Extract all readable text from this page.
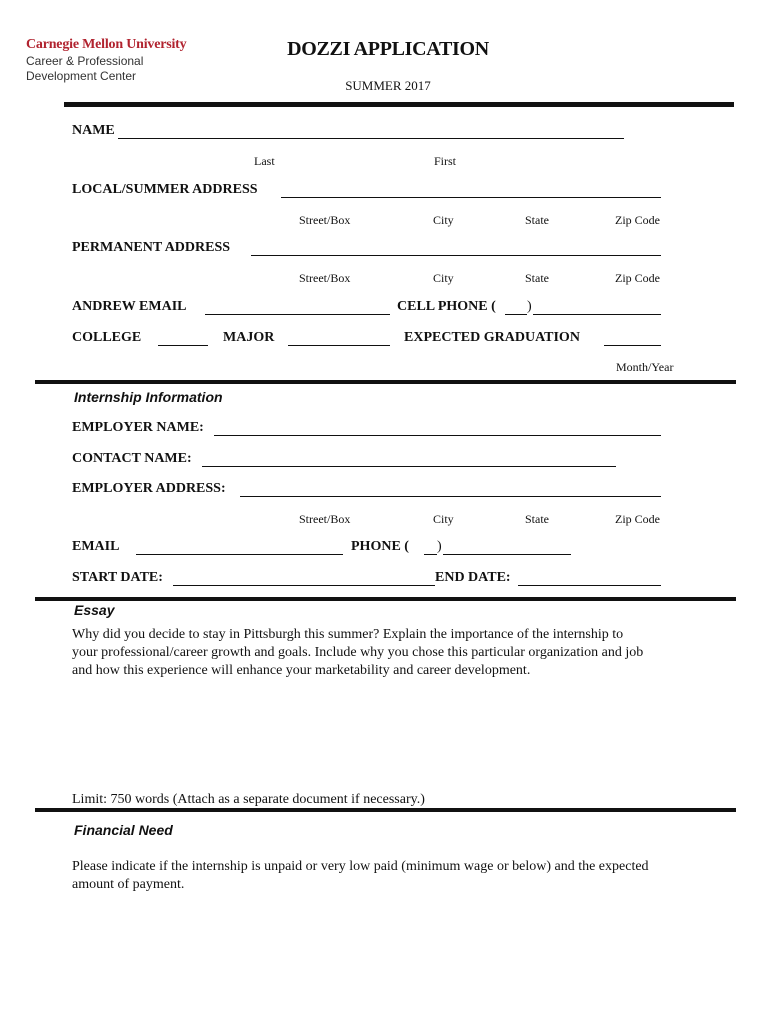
Carnegie Mellon University
Career & Professional
Development Center
DOZZI APPLICATION
SUMMER 2017
NAME
Last	First
LOCAL/SUMMER ADDRESS
Street/Box	City	State	Zip Code
PERMANENT ADDRESS
Street/Box	City	State	Zip Code
ANDREW EMAIL	CELL PHONE ( )
COLLEGE	MAJOR	EXPECTED GRADUATION
Month/Year
Internship Information
EMPLOYER NAME:
CONTACT NAME:
EMPLOYER ADDRESS:
Street/Box	City	State	Zip Code
EMAIL	PHONE ( )
START DATE:	END DATE:
Essay
Why did you decide to stay in Pittsburgh this summer? Explain the importance of the internship to
your professional/career growth and goals. Include why you chose this particular organization and job
and how this experience will enhance your marketability and career development.
Limit: 750 words (Attach as a separate document if necessary.)
Financial Need
Please indicate if the internship is unpaid or very low paid (minimum wage or below) and the expected
amount of payment.
